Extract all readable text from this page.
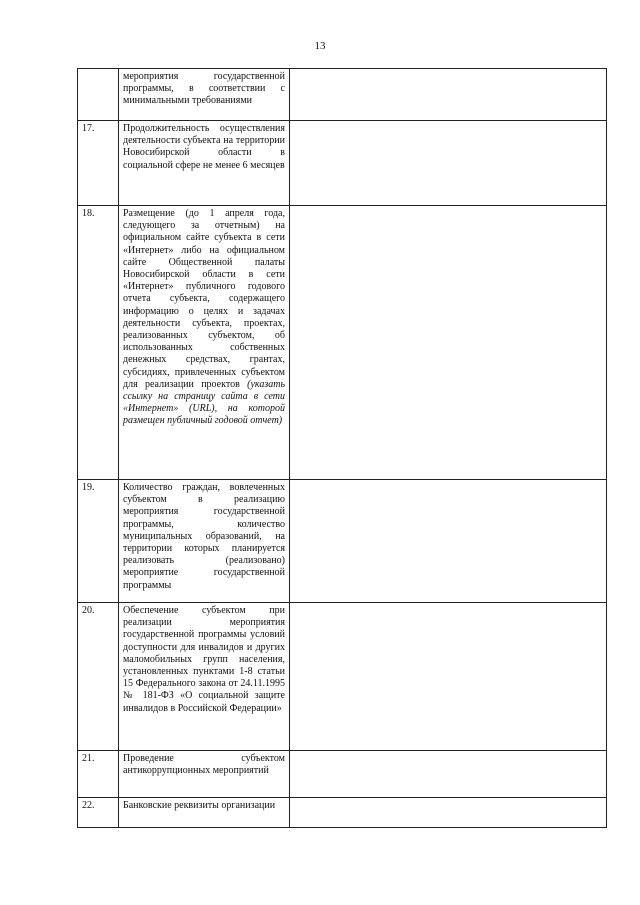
13
	мероприятия государственной программы, в соответствии с минимальными требованиями	
17.	Продолжительность осуществления деятельности субъекта на территории Новосибирской области в социальной сфере не менее 6 месяцев	
18.	Размещение (до 1 апреля года, следующего за отчетным) на официальном сайте субъекта в сети «Интернет» либо на официальном сайте Общественной палаты Новосибирской области в сети «Интернет» публичного годового отчета субъекта, содержащего информацию о целях и задачах деятельности субъекта, проектах, реализованных субъектом, об использованных собственных денежных средствах, грантах, субсидиях, привлеченных субъектом для реализации проектов (указать ссылку на страницу сайта в сети «Интернет» (URL), на которой размещен публичный годовой отчет)	
19.	Количество граждан, вовлеченных субъектом в реализацию мероприятия государственной программы, количество муниципальных образований, на территории которых планируется реализовать (реализовано) мероприятие государственной программы	
20.	Обеспечение субъектом при реализации мероприятия государственной программы условий доступности для инвалидов и других маломобильных групп населения, установленных пунктами 1-8 статьи 15 Федерального закона от 24.11.1995 № 181-ФЗ «О социальной защите инвалидов в Российской Федерации»	
21.	Проведение субъектом антикоррупционных мероприятий	
22.	Банковские реквизиты организации	
